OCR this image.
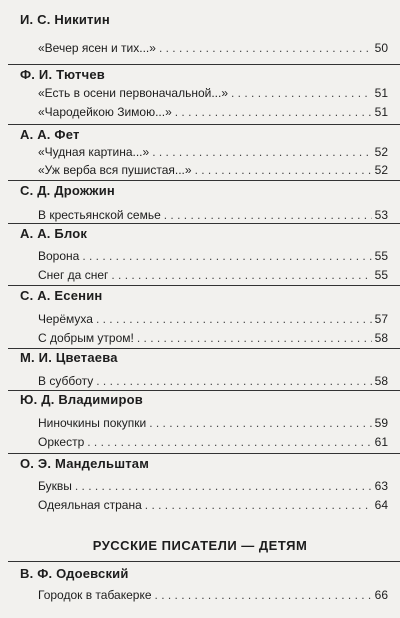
И. С. Никитин
«Вечер ясен и тих...» . . .	50
Ф. И. Тютчев
«Есть в осени первоначальной...» . . .	51
«Чародейкою Зимою...» . . .	51
А. А. Фет
«Чудная картина...» . . .	52
«Уж верба вся пушистая...» . . .	52
С. Д. Дрожжин
В крестьянской семье . . .	53
А. А. Блок
Ворона . . .	55
Снег да снег . . .	55
С. А. Есенин
Черёмуха . . .	57
С добрым утром! . . .	58
М. И. Цветаева
В субботу . . .	58
Ю. Д. Владимиров
Ниночкины покупки . . .	59
Оркестр . . .	61
О. Э. Мандельштам
Буквы . . .	63
Одеяльная страна . . .	64
РУССКИЕ ПИСАТЕЛИ — ДЕТЯМ
В. Ф. Одоевский
Городок в табакерке . . .	66
